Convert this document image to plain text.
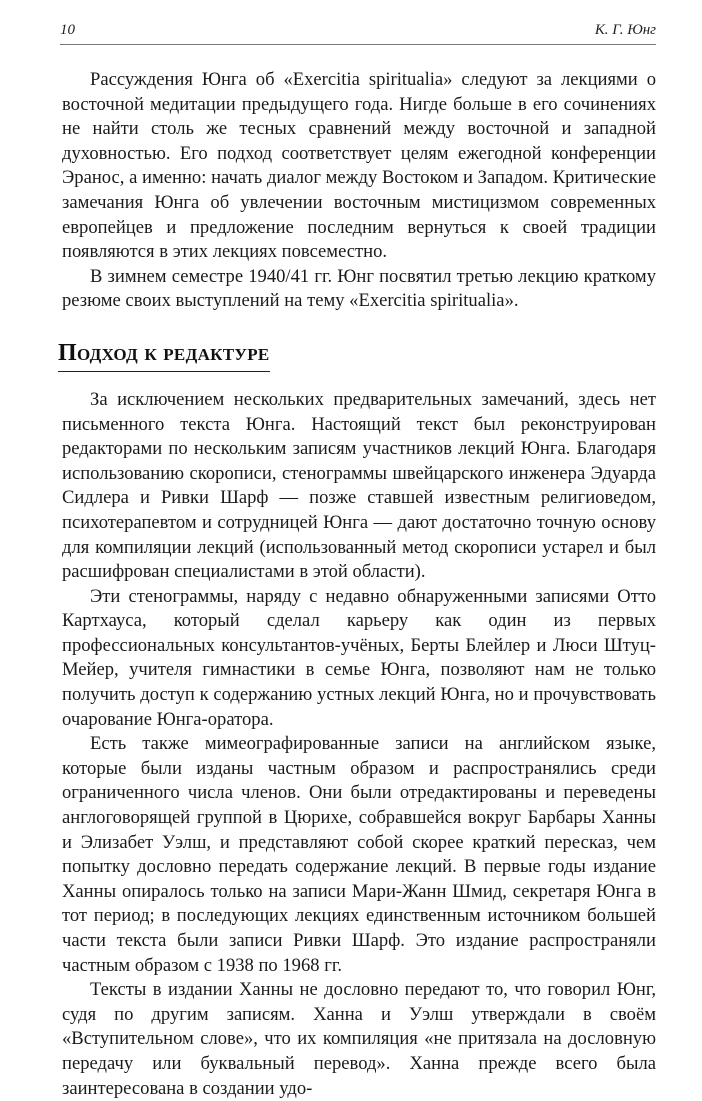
10	К. Г. Юнг

Рассуждения Юнга об «Exercitia spiritualia» следуют за лекциями о восточной медитации предыдущего года. Нигде больше в его сочинениях не найти столь же тесных сравнений между восточной и западной духовностью. Его подход соответствует целям ежегодной конференции Эранос, а именно: начать диалог между Востоком и Западом. Критические замечания Юнга об увлечении восточным мистицизмом современных европейцев и предложение последним вернуться к своей традиции появляются в этих лекциях повсеместно.

В зимнем семестре 1940/41 гг. Юнг посвятил третью лекцию краткому резюме своих выступлений на тему «Exercitia spiritualia».

Подход к редактуре

За исключением нескольких предварительных замечаний, здесь нет письменного текста Юнга. Настоящий текст был реконструирован редакторами по нескольким записям участников лекций Юнга. Благодаря использованию скорописи, стенограммы швейцарского инженера Эдуарда Сидлера и Ривки Шарф — позже ставшей известным религиоведом, психотерапевтом и сотрудницей Юнга — дают достаточно точную основу для компиляции лекций (использованный метод скорописи устарел и был расшифрован специалистами в этой области).

Эти стенограммы, наряду с недавно обнаруженными записями Отто Картхауса, который сделал карьеру как один из первых профессиональных консультантов-учёных, Берты Блейлер и Люси Штуц-Мейер, учителя гимнастики в семье Юнга, позволяют нам не только получить доступ к содержанию устных лекций Юнга, но и прочувствовать очарование Юнга-оратора.

Есть также мимеографированные записи на английском языке, которые были изданы частным образом и распространялись среди ограниченного числа членов. Они были отредактированы и переведены англоговорящей группой в Цюрихе, собравшейся вокруг Барбары Ханны и Элизабет Уэлш, и представляют собой скорее краткий пересказ, чем попытку дословно передать содержание лекций. В первые годы издание Ханны опиралось только на записи Мари-Жанн Шмид, секретаря Юнга в тот период; в последующих лекциях единственным источником большей части текста были записи Ривки Шарф. Это издание распространяли частным образом с 1938 по 1968 гг.

Тексты в издании Ханны не дословно передают то, что говорил Юнг, судя по другим записям. Ханна и Уэлш утверждали в своём «Вступительном слове», что их компиляция «не притязала на дословную передачу или буквальный перевод». Ханна прежде всего была заинтересована в создании удо-
